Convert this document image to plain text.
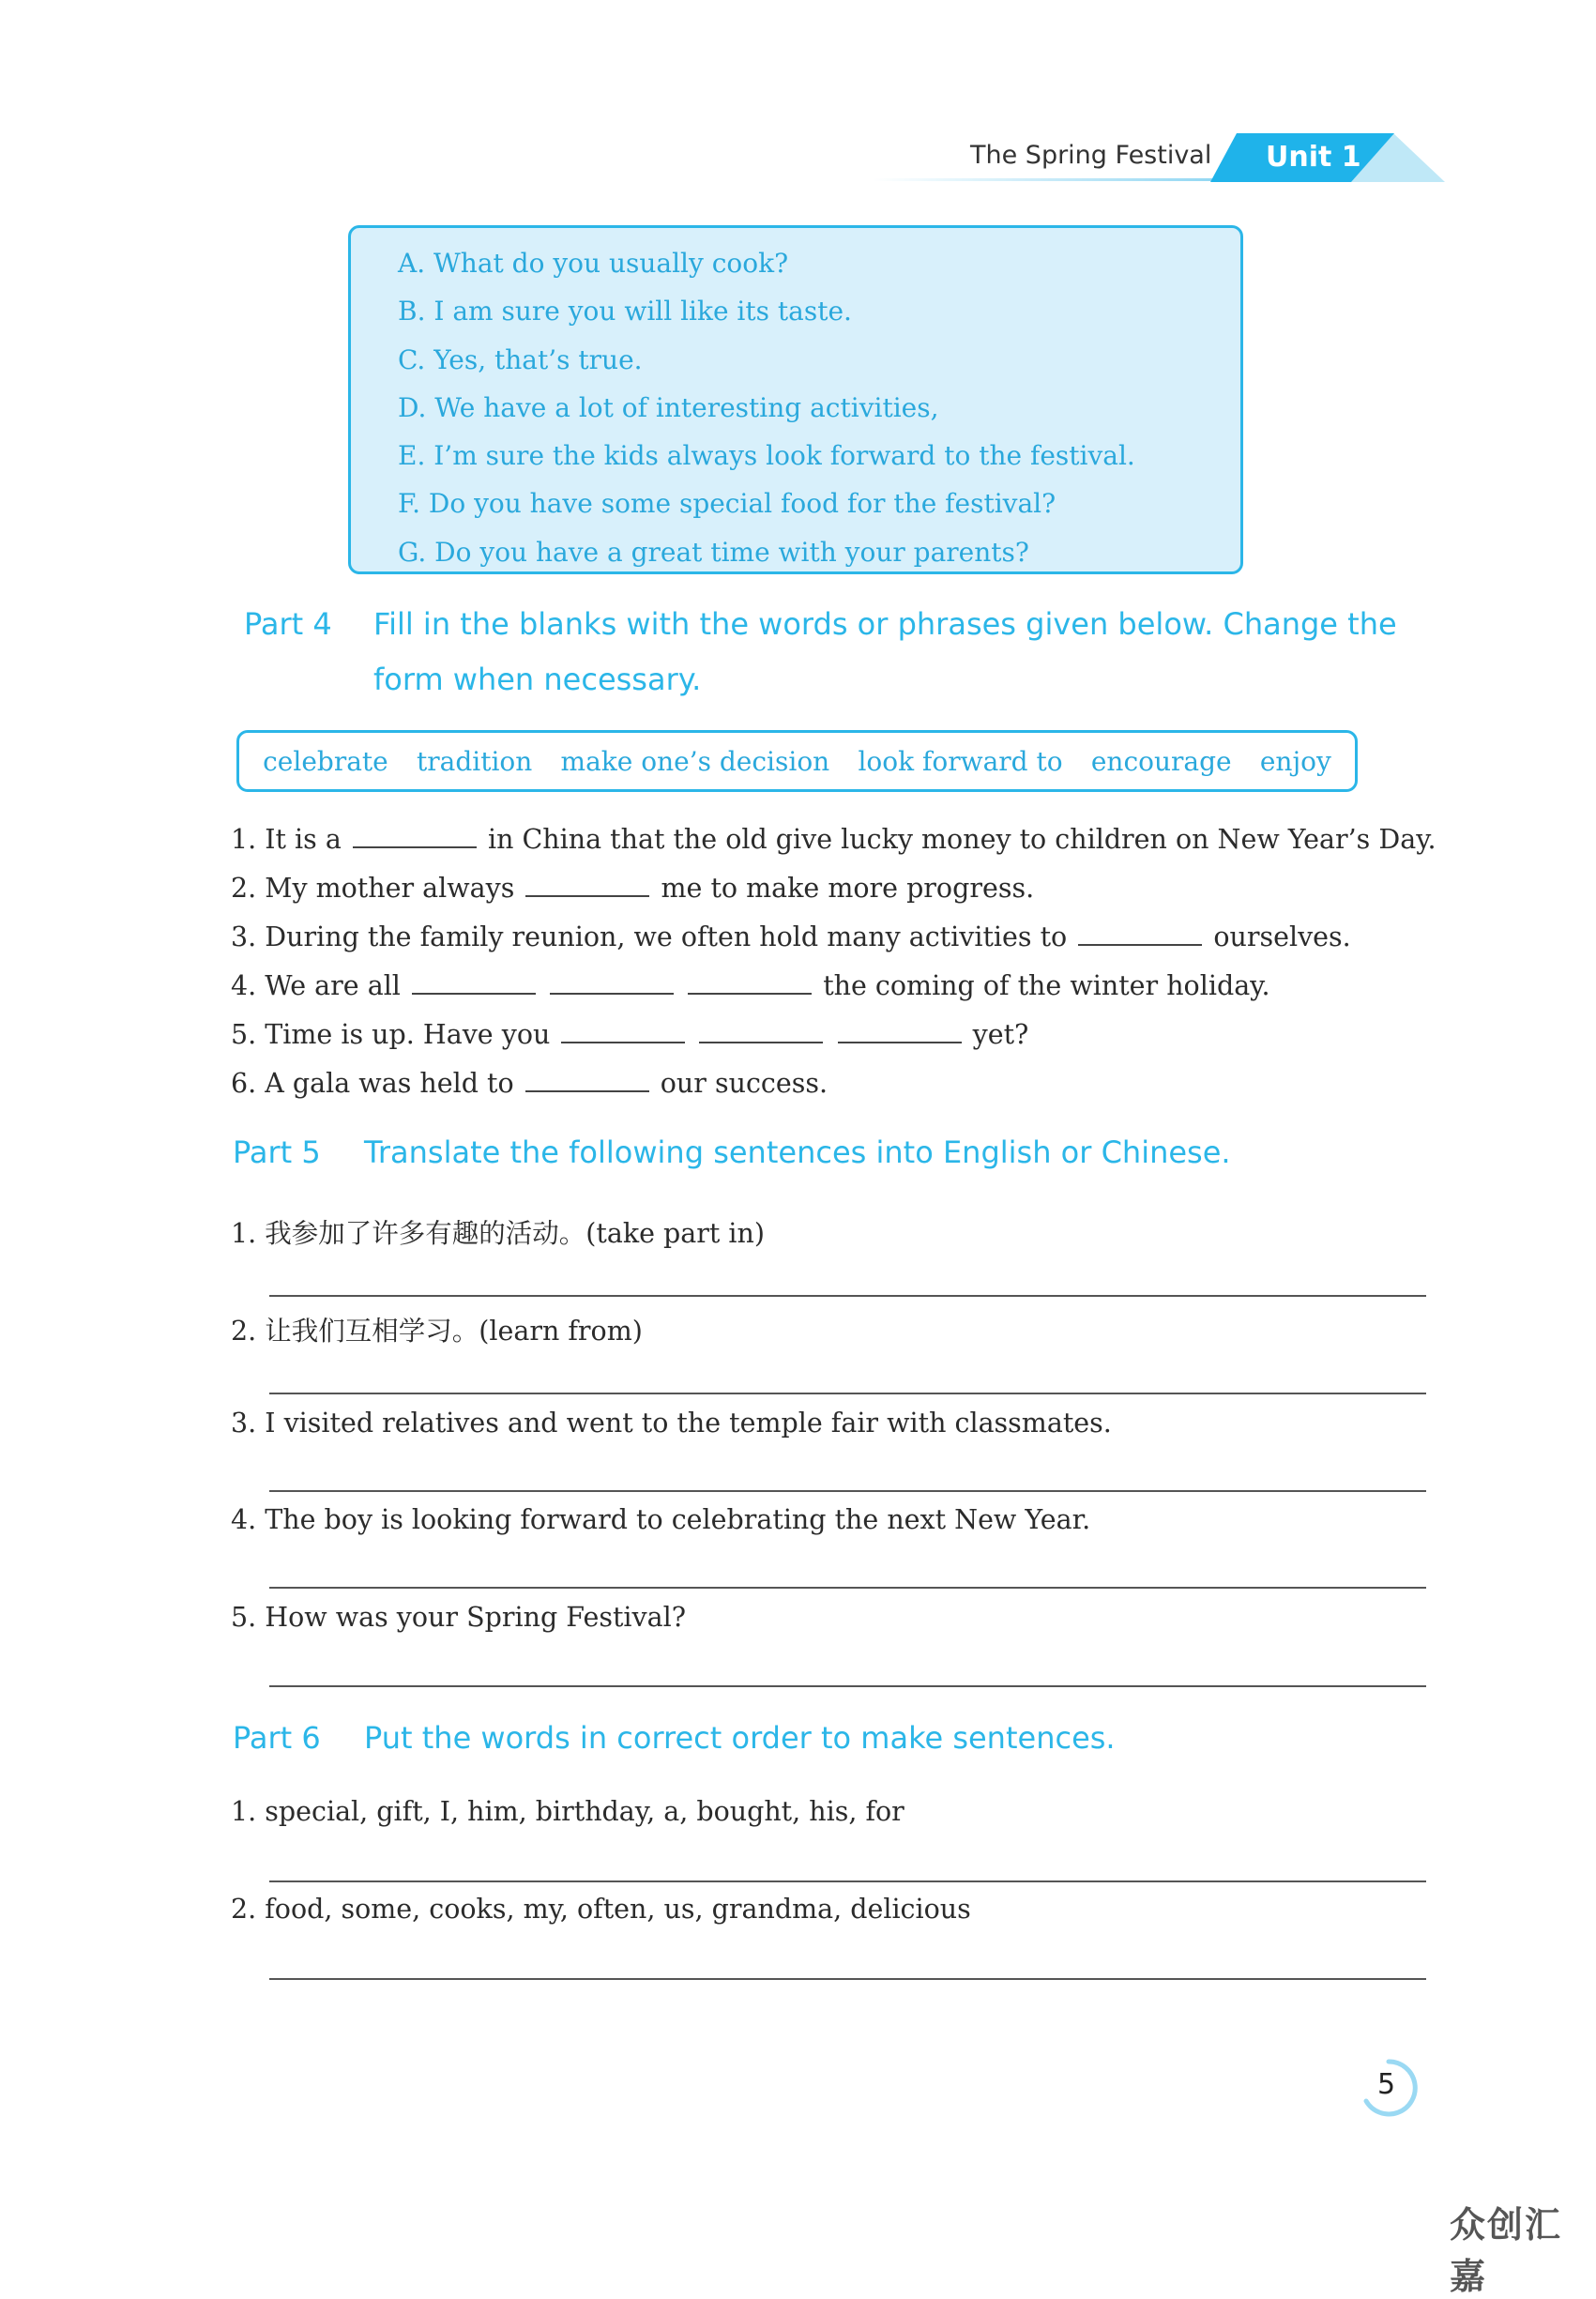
The Spring Festival Unit 1
A. What do you usually cook?
B. I am sure you will like its taste.
C. Yes, that’s true.
D. We have a lot of interesting activities,
E. I’m sure the kids always look forward to the festival.
F. Do you have some special food for the festival?
G. Do you have a great time with your parents?
Part 4 Fill in the blanks with the words or phrases given below. Change the
form when necessary.
celebrate tradition make one’s decision look forward to encourage enjoy
1. It is a	in China that the old give lucky money to children on New Year’s Day.
2. My mother always	me to make more progress.
3. During the family reunion, we often hold many activities to	ourselves.
4. We are all	the coming of the winter holiday.
5. Time is up. Have you	yet?
6. A gala was held to	our success.
Part 5 Translate the following sentences into English or Chinese.
1. 我参加了许多有趣的活动。(take part in)
2. 让我们互相学习。(learn from)
3. I visited relatives and went to the temple fair with classmates.
4. The boy is looking forward to celebrating the next New Year.
5. How was your Spring Festival?
Part 6 Put the words in correct order to make sentences.
1. special, gift, I, him, birthday, a, bought, his, for
2. food, some, cooks, my, often, us, grandma, delicious
5
众创汇嘉
